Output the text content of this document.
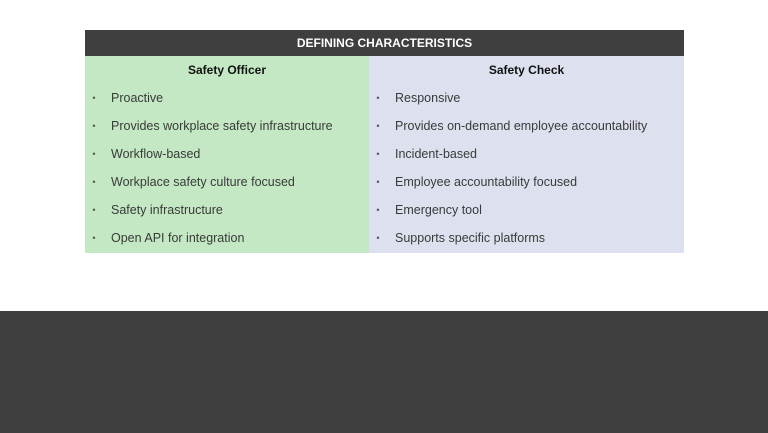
DEFINING CHARACTERISTICS
Safety Officer
• Proactive
• Provides workplace safety infrastructure
• Workflow-based
• Workplace safety culture focused
• Safety infrastructure
• Open API for integration
Safety Check
• Responsive
• Provides on-demand employee accountability
• Incident-based
• Employee accountability focused
• Emergency tool
• Supports specific platforms
